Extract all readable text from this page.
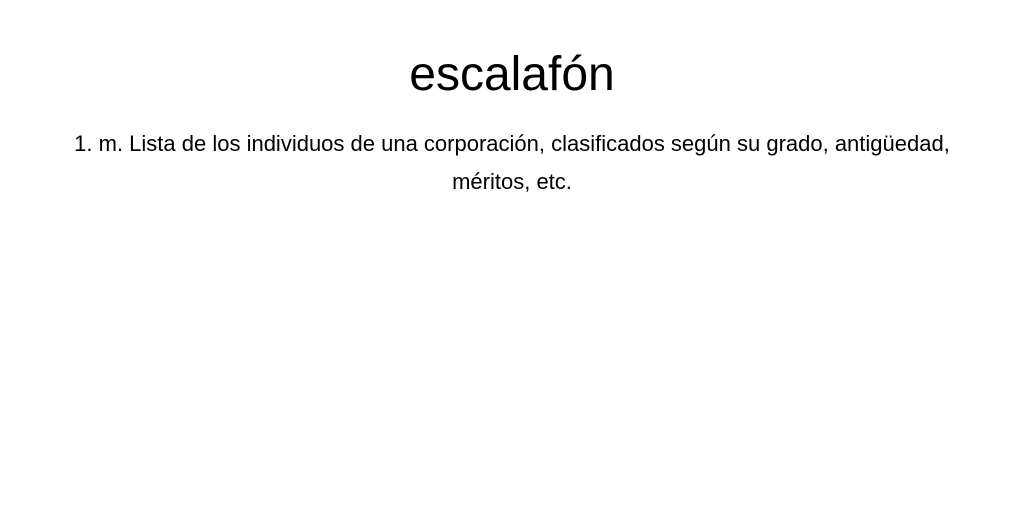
escalafón

1. m. Lista de los individuos de una corporación, clasificados según su grado, antigüedad, méritos, etc.
